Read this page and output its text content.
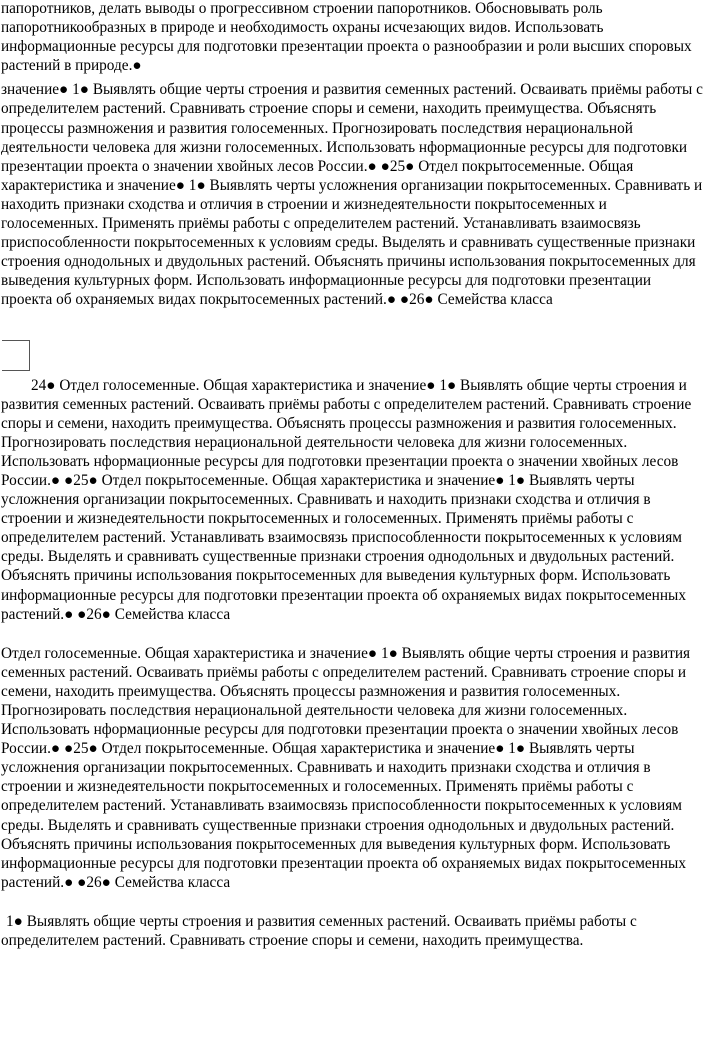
папоротников, делать выводы о прогрессивном строении папоротников. Обосновывать роль папоротникообразных в природе и необходимость охраны исчезающих видов. Использовать информационные ресурсы для подготовки презентации проекта о разнообразии и роли высших споровых растений в природе.●

значение● 1● Выявлять общие черты строения и развития семенных растений. Осваивать приёмы работы с определителем растений. Сравнивать строение споры и семени, находить преимущества. Объяснять процессы размножения и развития голосеменных. Прогнозировать последствия нерациональной деятельности человека для жизни голосеменных. Использовать нформационные ресурсы для подготовки презентации проекта о значении хвойных лесов России.● ●25● Отдел покрытосеменные. Общая характеристика и значение● 1● Выявлять черты усложнения организации покрытосеменных. Сравнивать и находить признаки сходства и отличия в строении и жизнедеятельности покрытосеменных и голосеменных. Применять приёмы работы с определителем растений. Устанавливать взаимосвязь приспособленности покрытосеменных к условиям среды. Выделять и сравнивать существенные признаки строения однодольных и двудольных растений. Объяснять причины использования покрытосеменных для выведения культурных форм. Использовать информационные ресурсы для подготовки презентации проекта об охраняемых видах покрытосеменных растений.● ●26● Семейства класса

24● Отдел голосеменные. Общая характеристика и значение● 1● Выявлять общие черты строения и развития семенных растений. Осваивать приёмы работы с определителем растений. Сравнивать строение споры и семени, находить преимущества. Объяснять процессы размножения и развития голосеменных. Прогнозировать последствия нерациональной деятельности человека для жизни голосеменных. Использовать нформационные ресурсы для подготовки презентации проекта о значении хвойных лесов России.● ●25● Отдел покрытосеменные. Общая характеристика и значение● 1● Выявлять черты усложнения организации покрытосеменных. Сравнивать и находить признаки сходства и отличия в строении и жизнедеятельности покрытосеменных и голосеменных. Применять приёмы работы с определителем растений. Устанавливать взаимосвязь приспособленности покрытосеменных к условиям среды. Выделять и сравнивать существенные признаки строения однодольных и двудольных растений. Объяснять причины использования покрытосеменных для выведения культурных форм. Использовать информационные ресурсы для подготовки презентации проекта об охраняемых видах покрытосеменных растений.● ●26● Семейства класса

Отдел голосеменные. Общая характеристика и значение● 1● Выявлять общие черты строения и развития семенных растений. Осваивать приёмы работы с определителем растений. Сравнивать строение споры и семени, находить преимущества. Объяснять процессы размножения и развития голосеменных. Прогнозировать последствия нерациональной деятельности человека для жизни голосеменных. Использовать нформационные ресурсы для подготовки презентации проекта о значении хвойных лесов России.● ●25● Отдел покрытосеменные. Общая характеристика и значение● 1● Выявлять черты усложнения организации покрытосеменных. Сравнивать и находить признаки сходства и отличия в строении и жизнедеятельности покрытосеменных и голосеменных. Применять приёмы работы с определителем растений. Устанавливать взаимосвязь приспособленности покрытосеменных к условиям среды. Выделять и сравнивать существенные признаки строения однодольных и двудольных растений. Объяснять причины использования покрытосеменных для выведения культурных форм. Использовать информационные ресурсы для подготовки презентации проекта об охраняемых видах покрытосеменных растений.● ●26● Семейства класса

1● Выявлять общие черты строения и развития семенных растений. Осваивать приёмы работы с определителем растений. Сравнивать строение споры и семени, находить преимущества.
